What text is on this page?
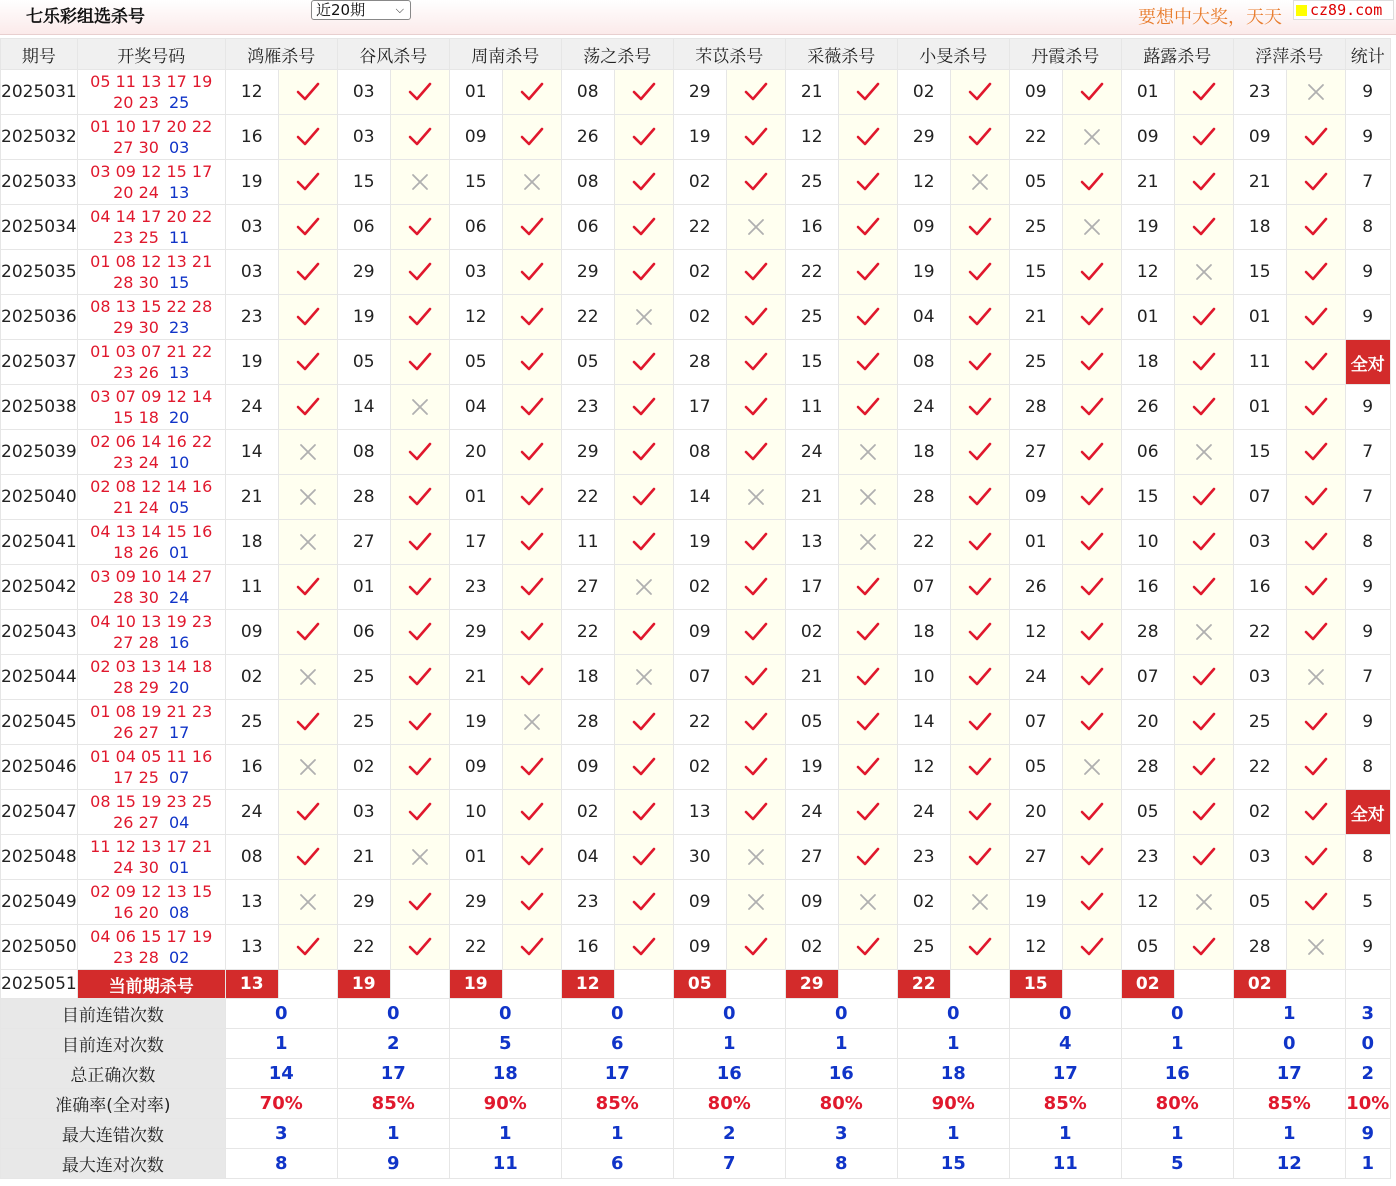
七乐彩组选杀号	近20期	⌵	要想中大奖，天天	cz89.com
期号	开奖号码	鸿雁杀号		谷风杀号		周南杀号		荡之杀号		芣苡杀号		采薇杀号		小旻杀号		丹霞杀号		蕗露杀号		浮萍杀号		统计
2025031	05 11 13 17 19
20 23 25	12		03		01		08		29		21		02		09		01		23		9
2025032	01 10 17 20 22
27 30 03	16		03		09		26		19		12		29		22		09		09		9
2025033	03 09 12 15 17
20 24 13	19		15		15		08		02		25		12		05		21		21		7
2025034	04 14 17 20 22
23 25 11	03		06		06		06		22		16		09		25		19		18		8
2025035	01 08 12 13 21
28 30 15	03		29		03		29		02		22		19		15		12		15		9
2025036	08 13 15 22 28
29 30 23	23		19		12		22		02		25		04		21		01		01		9
2025037	01 03 07 21 22
23 26 13	19		05		05		05		28		15		08		25		18		11		全对
2025038	03 07 09 12 14
15 18 20	24		14		04		23		17		11		24		28		26		01		9
2025039	02 06 14 16 22
23 24 10	14		08		20		29		08		24		18		27		06		15		7
2025040	02 08 12 14 16
21 24 05	21		28		01		22		14		21		28		09		15		07		7
2025041	04 13 14 15 16
18 26 01	18		27		17		11		19		13		22		01		10		03		8
2025042	03 09 10 14 27
28 30 24	11		01		23		27		02		17		07		26		16		16		9
2025043	04 10 13 19 23
27 28 16	09		06		29		22		09		02		18		12		28		22		9
2025044	02 03 13 14 18
28 29 20	02		25		21		18		07		21		10		24		07		03		7
2025045	01 08 19 21 23
26 27 17	25		25		19		28		22		05		14		07		20		25		9
2025046	01 04 05 11 16
17 25 07	16		02		09		09		02		19		12		05		28		22		8
2025047	08 15 19 23 25
26 27 04	24		03		10		02		13		24		24		20		05		02		全对
2025048	11 12 13 17 21
24 30 01	08		21		01		04		30		27		23		27		23		03		8
2025049	02 09 12 13 15
16 20 08	13		29		29		23		09		09		02		19		12		05		5
2025050	04 06 15 17 19
23 28 02	13		22		22		16		09		02		25		12		05		28		9
2025051	当前期杀号	13		19		19		12		05		29		22		15		02		02		
目前连错次数		0		0		0		0		0		0		0		0		0		1		3
目前连对次数		1		2		5		6		1		1		1		4		1		0		0
总正确次数		14		17		18		17		16		16		18		17		16		17		2
准确率(全对率)		70%		85%		90%		85%		80%		80%		90%		85%		80%		85%		10%
最大连错次数		3		1		1		1		2		3		1		1		1		1		9
最大连对次数		8		9		11		6		7		8		15		11		5		12		1
